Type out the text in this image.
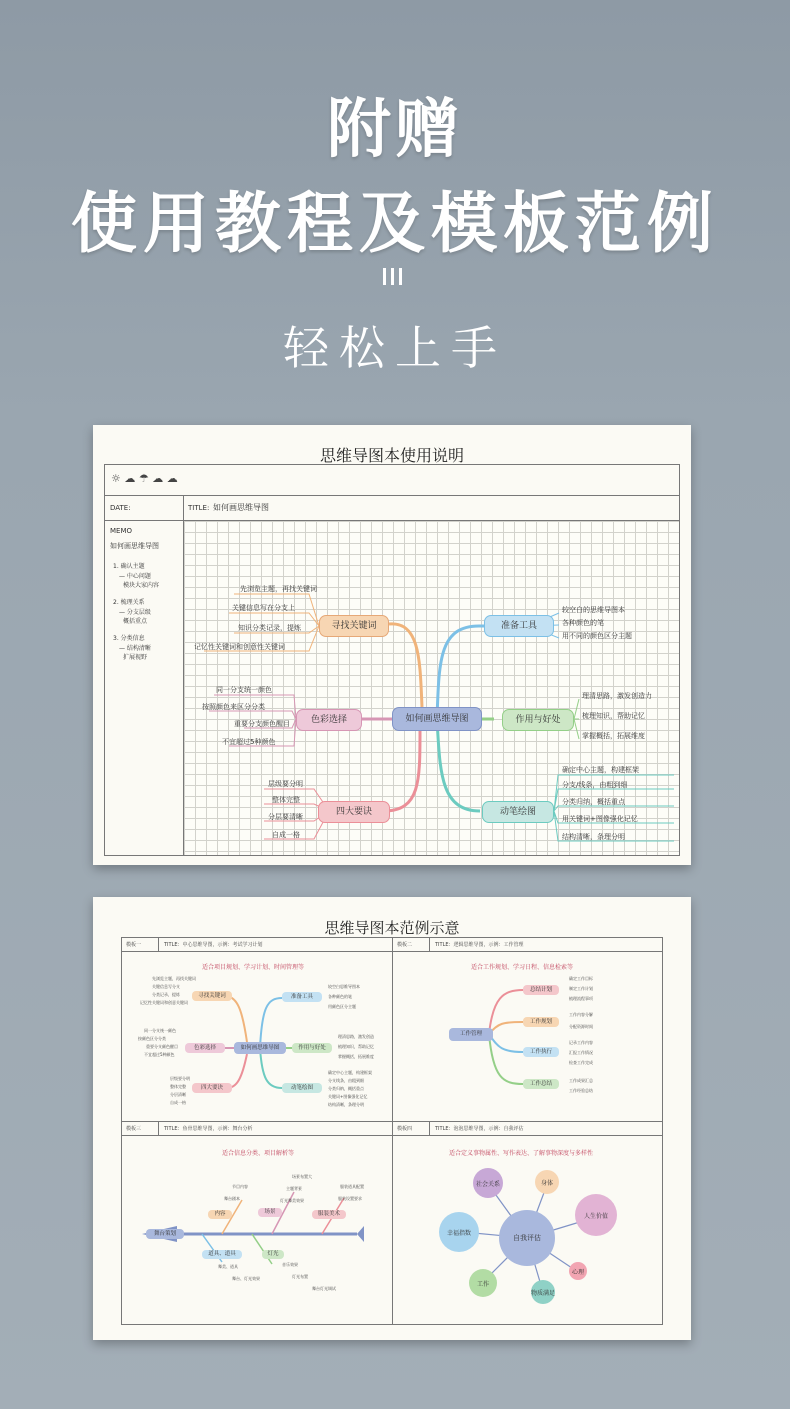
附赠
使用教程及模板范例
轻松上手
思维导图本使用说明
☼ ☁ ☂ ☁ ☁
DATE:	TITLE: 如何画思维导图
MEMO
如何画思维导图
1. 确认主题
— 中心问题
模块大家内容
2. 梳理关系
— 分支层级
概括重点
3. 分类信息
— 结构清晰
扩展视野
如何画思维导图
寻找关键词	准备工具
色彩选择	作用与好处
四大要诀	动笔绘图
先浏览主题，再找关键词
关键信息写在分支上
知识分类记录，提炼
记忆性关键词和创意性关键词
较空白的思维导图本
各种颜色的笔
用不同的颜色区分主题
同一分支统一颜色
按照颜色来区分分类
重要分支颜色醒目
不宜超过5种颜色
理清思路，激发创造力
梳理知识，帮助记忆
掌握概括，拓展维度
层级要分明
整体完整
分层要清晰
自成一格
确定中心主题，构建框架
分支/线条，由粗到细
分类归纳，概括重点
用关键词+图像强化记忆
结构清晰，条理分明
思维导图本范例示意
模板一	TITLE：中心思维导图，示例：考试学习计划
适合项目规划、学习计划、时间管理等
如何画思维导图
寻找关键词	准备工具
色彩选择	作用与好处
四大要诀	动笔绘图
先浏览主题，再找关键词
关键信息写分支
分类记录，提炼
记忆性关键词和创意关键词
同一分支统一颜色
按颜色区分分类
重要分支颜色醒目
不宜超过5种颜色
层级要分明
整体完整
分层清晰
自成一格
较空白思维导图本
各种颜色的笔
用颜色区分主题
理清思路，激发创造
梳理知识，帮助记忆
掌握概括，拓展维度
确定中心主题，构建框架
分支线条，由粗到细
分类归纳，概括重点
关键词+图像强化记忆
结构清晰，条理分明
模板二	TITLE：逻辑思维导图，示例：工作管理
适合工作规划、学习日程、信息检索等
工作管理
总结计划
工作规划
工作执行
工作总结
确定工作目标
制定工作计划
梳理流程事项
工作内容分解
分配资源时间
记录工作内容
汇报工作情况
检查工作完成
工作成果汇总
工作经验总结
模板三	TITLE：鱼骨思维导图，示例：舞台分析
适合信息分类、项目解析等
舞台策划
内容	场景	服装美术
道具、道具	灯光
节目内容
舞台剧本
场景布置大
主题背景
灯光舞美效果
服装道具配置
服装设置要求
舞美、道具
舞台、灯光效果
音乐效果
灯光布置
舞台灯光调试
模板四	TITLE：泡泡思维导图，示例：自我评估
适合定义事物属性、写作表达、了解事物深度与多样性
自我评估
社会关系	身体
人生价值
心理
物质满足
工作
幸福指数
